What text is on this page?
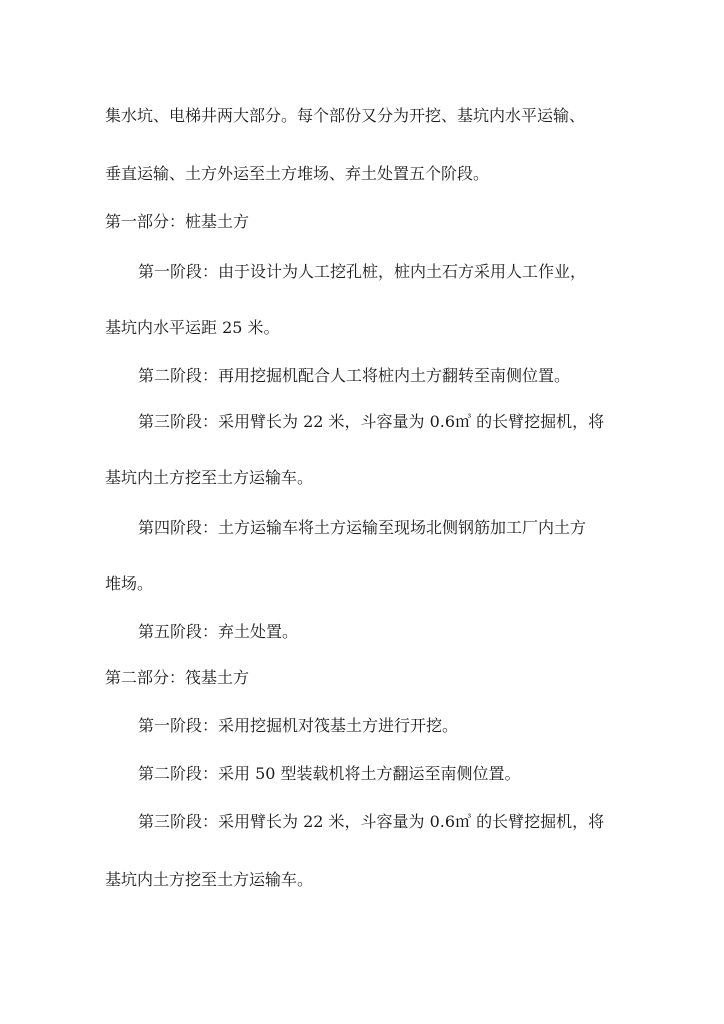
集水坑、电梯井两大部分。每个部份又分为开挖、基坑内水平运输、
垂直运输、土方外运至土方堆场、弃土处置五个阶段。
第一部分：桩基土方
第一阶段：由于设计为人工挖孔桩，桩内土石方采用人工作业，
基坑内水平运距 25 米。
第二阶段：再用挖掘机配合人工将桩内土方翻转至南侧位置。
第三阶段：采用臂长为 22 米，斗容量为 0.6㎥ 的长臂挖掘机，将
基坑内土方挖至土方运输车。
第四阶段：土方运输车将土方运输至现场北侧钢筋加工厂内土方
堆场。
第五阶段：弃土处置。
第二部分：筏基土方
第一阶段：采用挖掘机对筏基土方进行开挖。
第二阶段：采用 50 型装载机将土方翻运至南侧位置。
第三阶段：采用臂长为 22 米，斗容量为 0.6㎥ 的长臂挖掘机，将
基坑内土方挖至土方运输车。
